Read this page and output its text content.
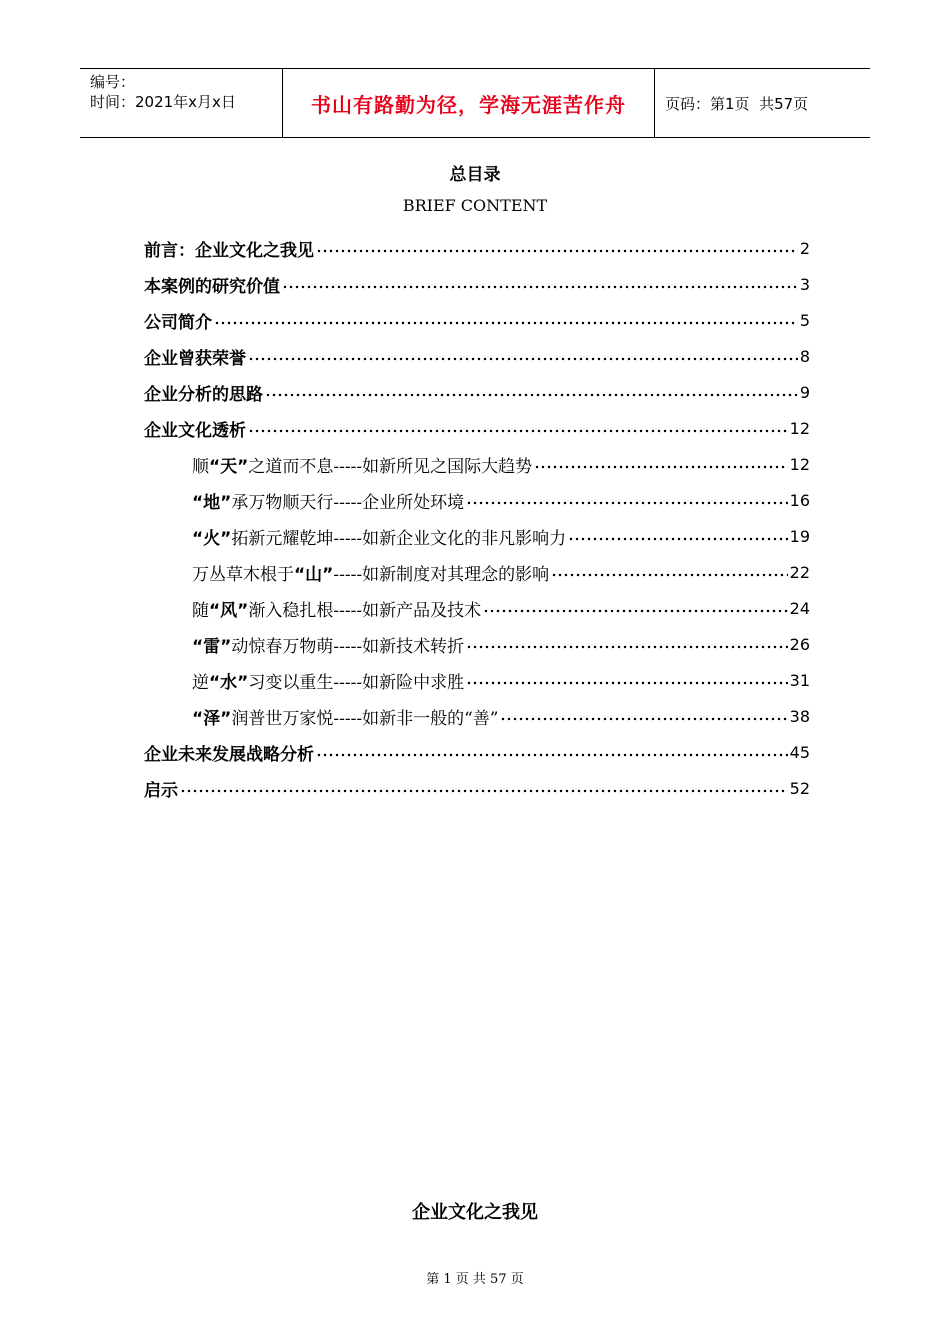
编号：
时间：2021年x月x日	书山有路勤为径，学海无涯苦作舟	页码：第1页  共57页
总目录
BRIEF CONTENT
前言：企业文化之我见	2
本案例的研究价值	3
公司简介	5
企业曾获荣誉	8
企业分析的思路	9
企业文化透析	12
顺“天”之道而不息-----如新所见之国际大趋势	12
“地”承万物顺天行-----企业所处环境	16
“火”拓新元耀乾坤-----如新企业文化的非凡影响力	19
万丛草木根于“山”-----如新制度对其理念的影响	22
随“风”渐入稳扎根-----如新产品及技术	24
“雷”动惊春万物萌-----如新技术转折	26
逆“水”习变以重生-----如新险中求胜	31
“泽”润普世万家悦-----如新非一般的“善”	38
企业未来发展战略分析	45
启示	52
企业文化之我见
第 1 页 共 57 页
